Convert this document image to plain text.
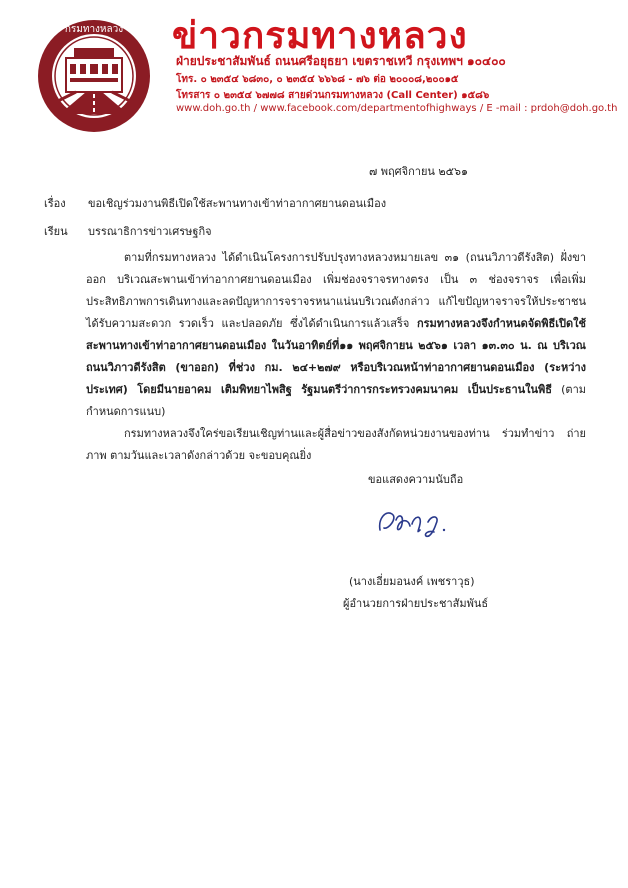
กรมทางหลวง ข่าวกรมทางหลวง
ฝ่ายประชาสัมพันธ์ ถนนศรีอยุธยา เขตราชเทวี กรุงเทพฯ ๑๐๔๐๐
โทร. ๐ ๒๓๕๔ ๖๘๓๐, ๐ ๒๓๕๔ ๖๖๖๘ - ๗๖ ต่อ ๒๐๐๐๘,๒๐๐๑๕
โทรสาร ๐ ๒๓๕๔ ๖๗๗๘ สายด่วนกรมทางหลวง (Call Center) ๑๕๘๖
www.doh.go.th / www.facebook.com/departmentofhighways / E -mail : prdoh@doh.go.th
๗ พฤศจิกายน ๒๕๖๑
เรื่อง ขอเชิญร่วมงานพิธีเปิดใช้สะพานทางเข้าท่าอากาศยานดอนเมือง
เรียน บรรณาธิการข่าวเศรษฐกิจ

ตามที่กรมทางหลวง ได้ดำเนินโครงการปรับปรุงทางหลวงหมายเลข ๓๑ (ถนนวิภาวดีรังสิต) ฝั่งขาออก บริเวณสะพานเข้าท่าอากาศยานดอนเมือง เพิ่มช่องจราจรทางตรง เป็น ๓ ช่องจราจร เพื่อเพิ่มประสิทธิภาพการเดินทางและลดปัญหาการจราจรหนาแน่นบริเวณดังกล่าว แก้ไขปัญหาจราจรให้ประชาชนได้รับความสะดวก รวดเร็ว และปลอดภัย ซึ่งได้ดำเนินการแล้วเสร็จ กรมทางหลวงจึงกำหนดจัดพิธีเปิดใช้สะพานทางเข้าท่าอากาศยานดอนเมือง ในวันอาทิตย์ที่๑๑ พฤศจิกายน ๒๕๖๑ เวลา ๑๓.๓๐ น. ณ บริเวณถนนวิภาวดีรังสิต (ขาออก) ที่ช่วง กม. ๒๔+๒๗๙ หรือบริเวณหน้าท่าอากาศยานดอนเมือง (ระหว่างประเทศ) โดยมีนายอาคม เติมพิทยาไพสิฐ รัฐมนตรีว่าการกระทรวงคมนาคม เป็นประธานในพิธี (ตามกำหนดการแนบ)

กรมทางหลวงจึงใคร่ขอเรียนเชิญท่านและผู้สื่อข่าวของสังกัดหน่วยงานของท่าน ร่วมทำข่าว ถ่ายภาพ ตามวันและเวลาดังกล่าวด้วย จะขอบคุณยิ่ง

ขอแสดงความนับถือ
(นางเอี่ยมอนงค์ เพชราวุธ)
ผู้อำนวยการฝ่ายประชาสัมพันธ์
